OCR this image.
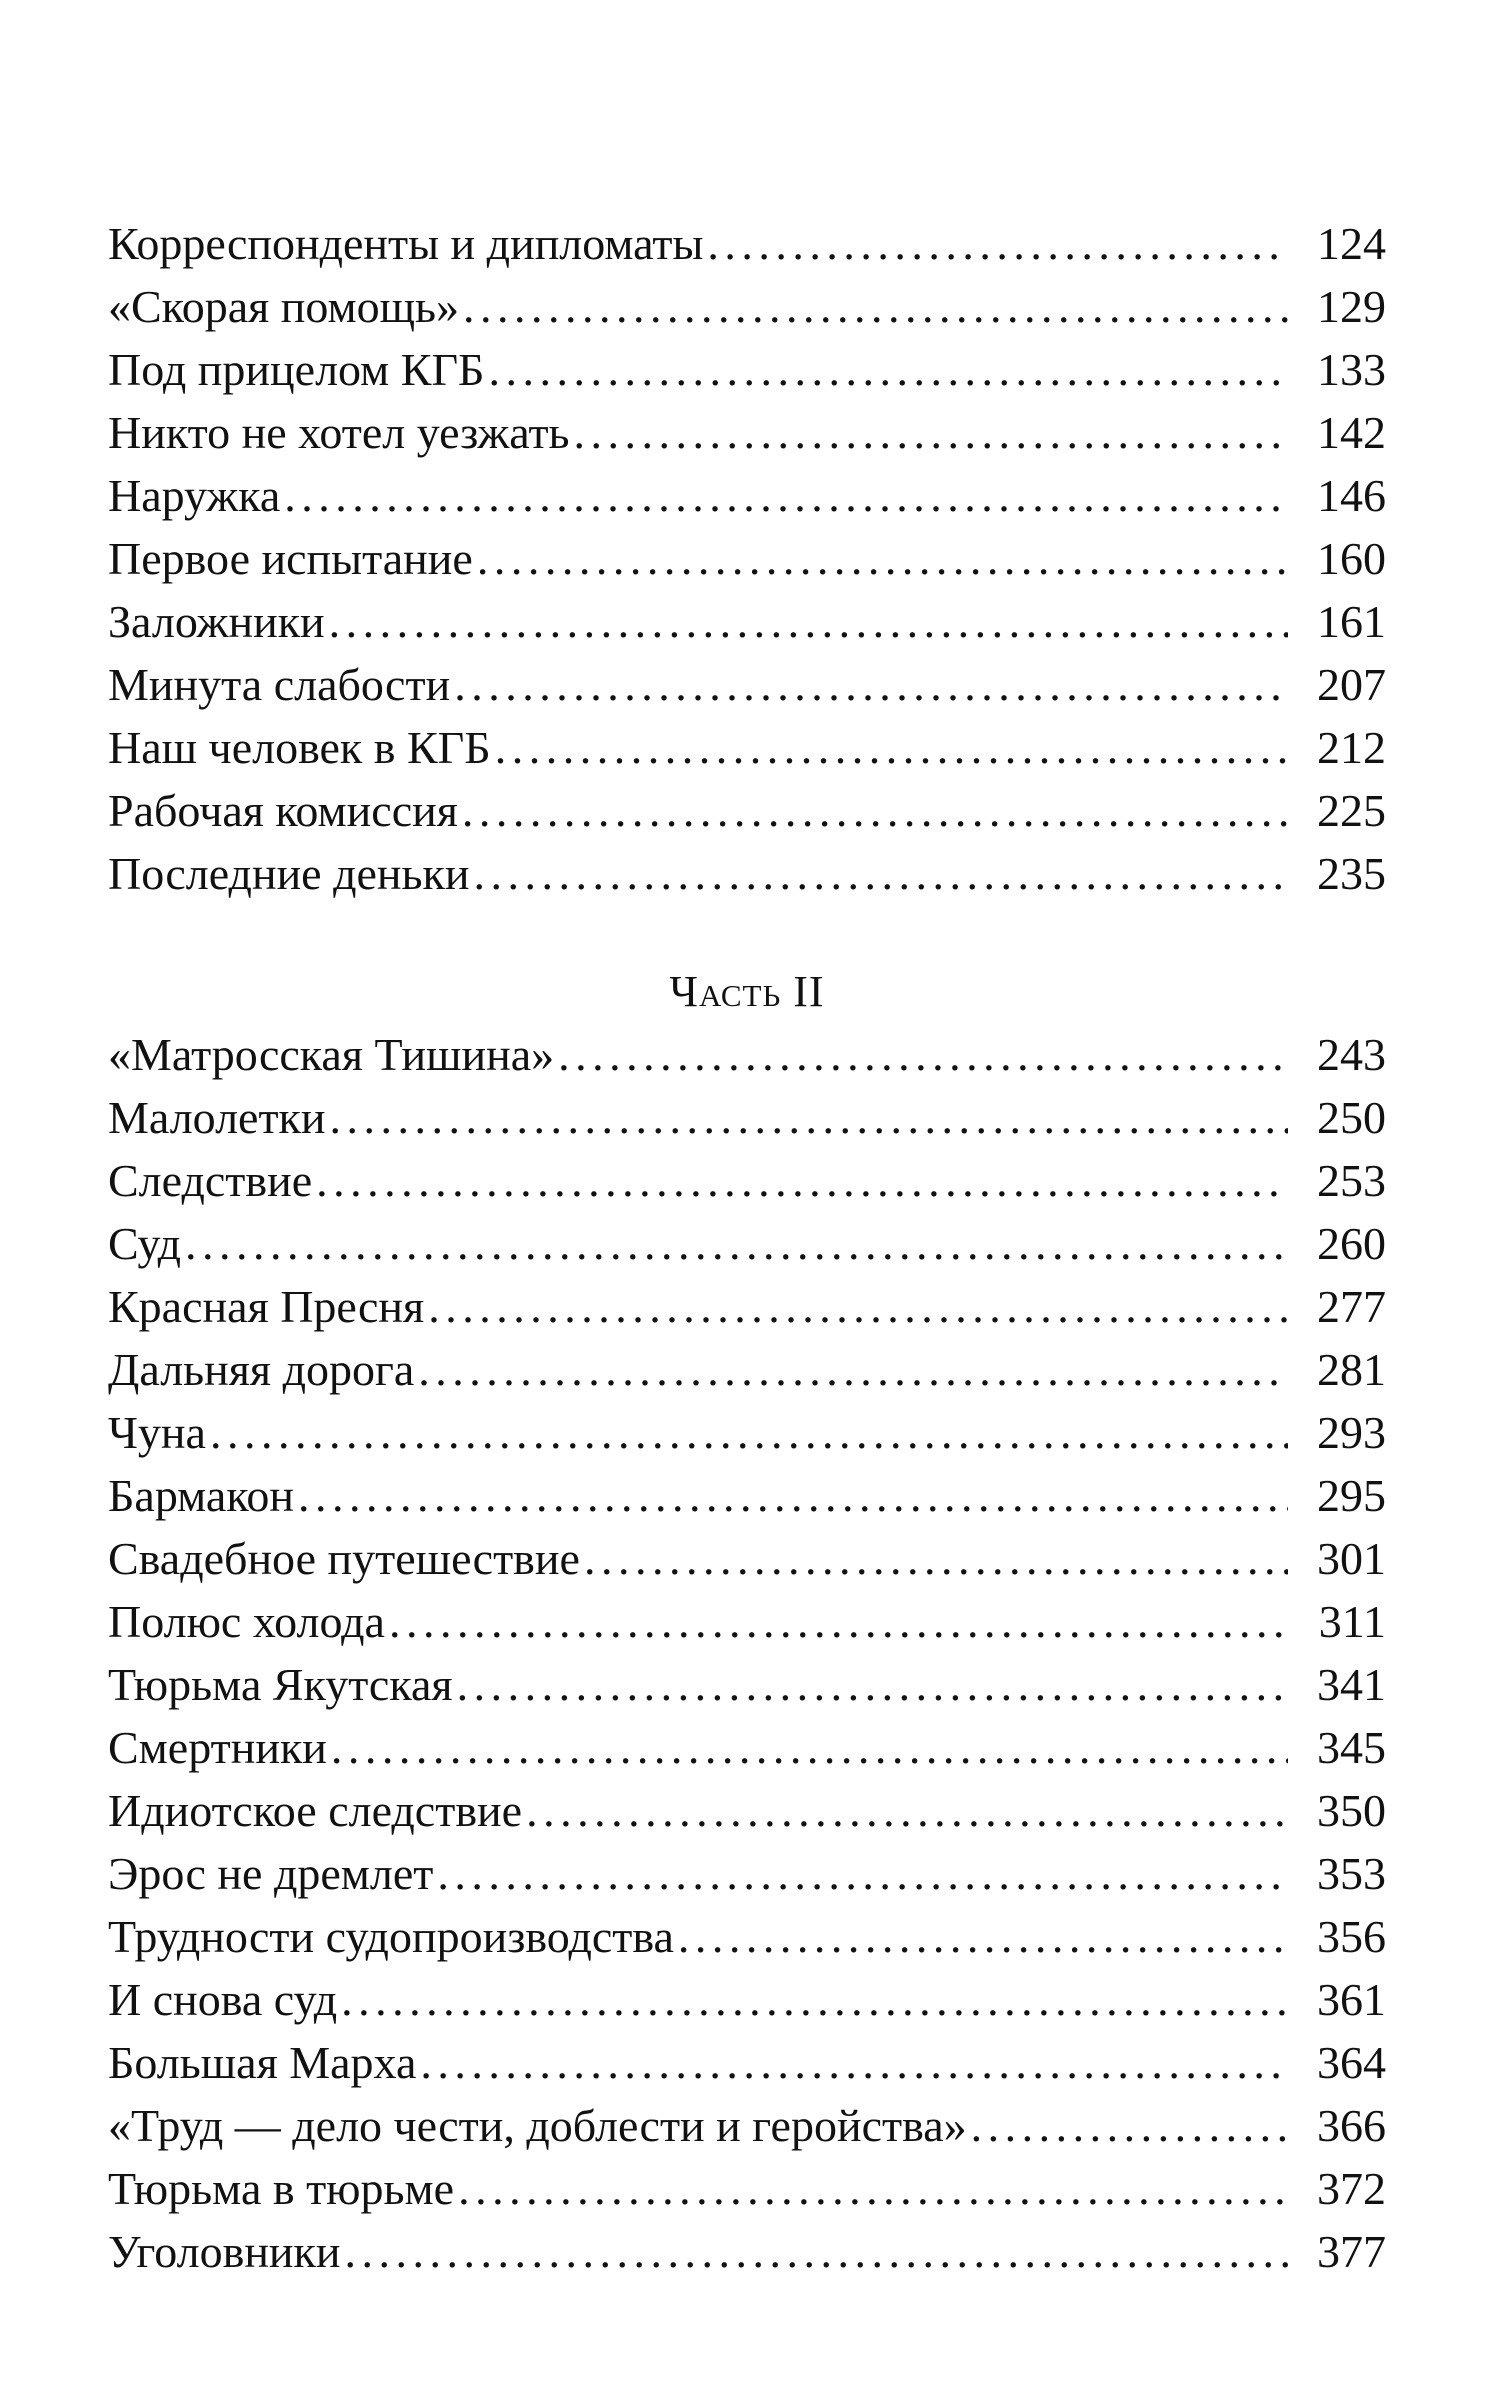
Корреспонденты и дипломаты . . .	124
«Скорая помощь» . . .	129
Под прицелом КГБ . . .	133
Никто не хотел уезжать . . .	142
Наружка . . .	146
Первое испытание . . .	160
Заложники . . .	161
Минута слабости . . .	207
Наш человек в КГБ . . .	212
Рабочая комиссия . . .	225
Последние деньки . . .	235
Часть II
«Матросская Тишина» . . .	243
Малолетки . . .	250
Следствие . . .	253
Суд . . .	260
Красная Пресня . . .	277
Дальняя дорога . . .	281
Чуна . . .	293
Бармакон . . .	295
Свадебное путешествие . . .	301
Полюс холода . . .	311
Тюрьма Якутская . . .	341
Смертники . . .	345
Идиотское следствие . . .	350
Эрос не дремлет . . .	353
Трудности судопроизводства . . .	356
И снова суд . . .	361
Большая Марха . . .	364
«Труд — дело чести, доблести и геройства» . . .	366
Тюрьма в тюрьме . . .	372
Уголовники . . .	377
